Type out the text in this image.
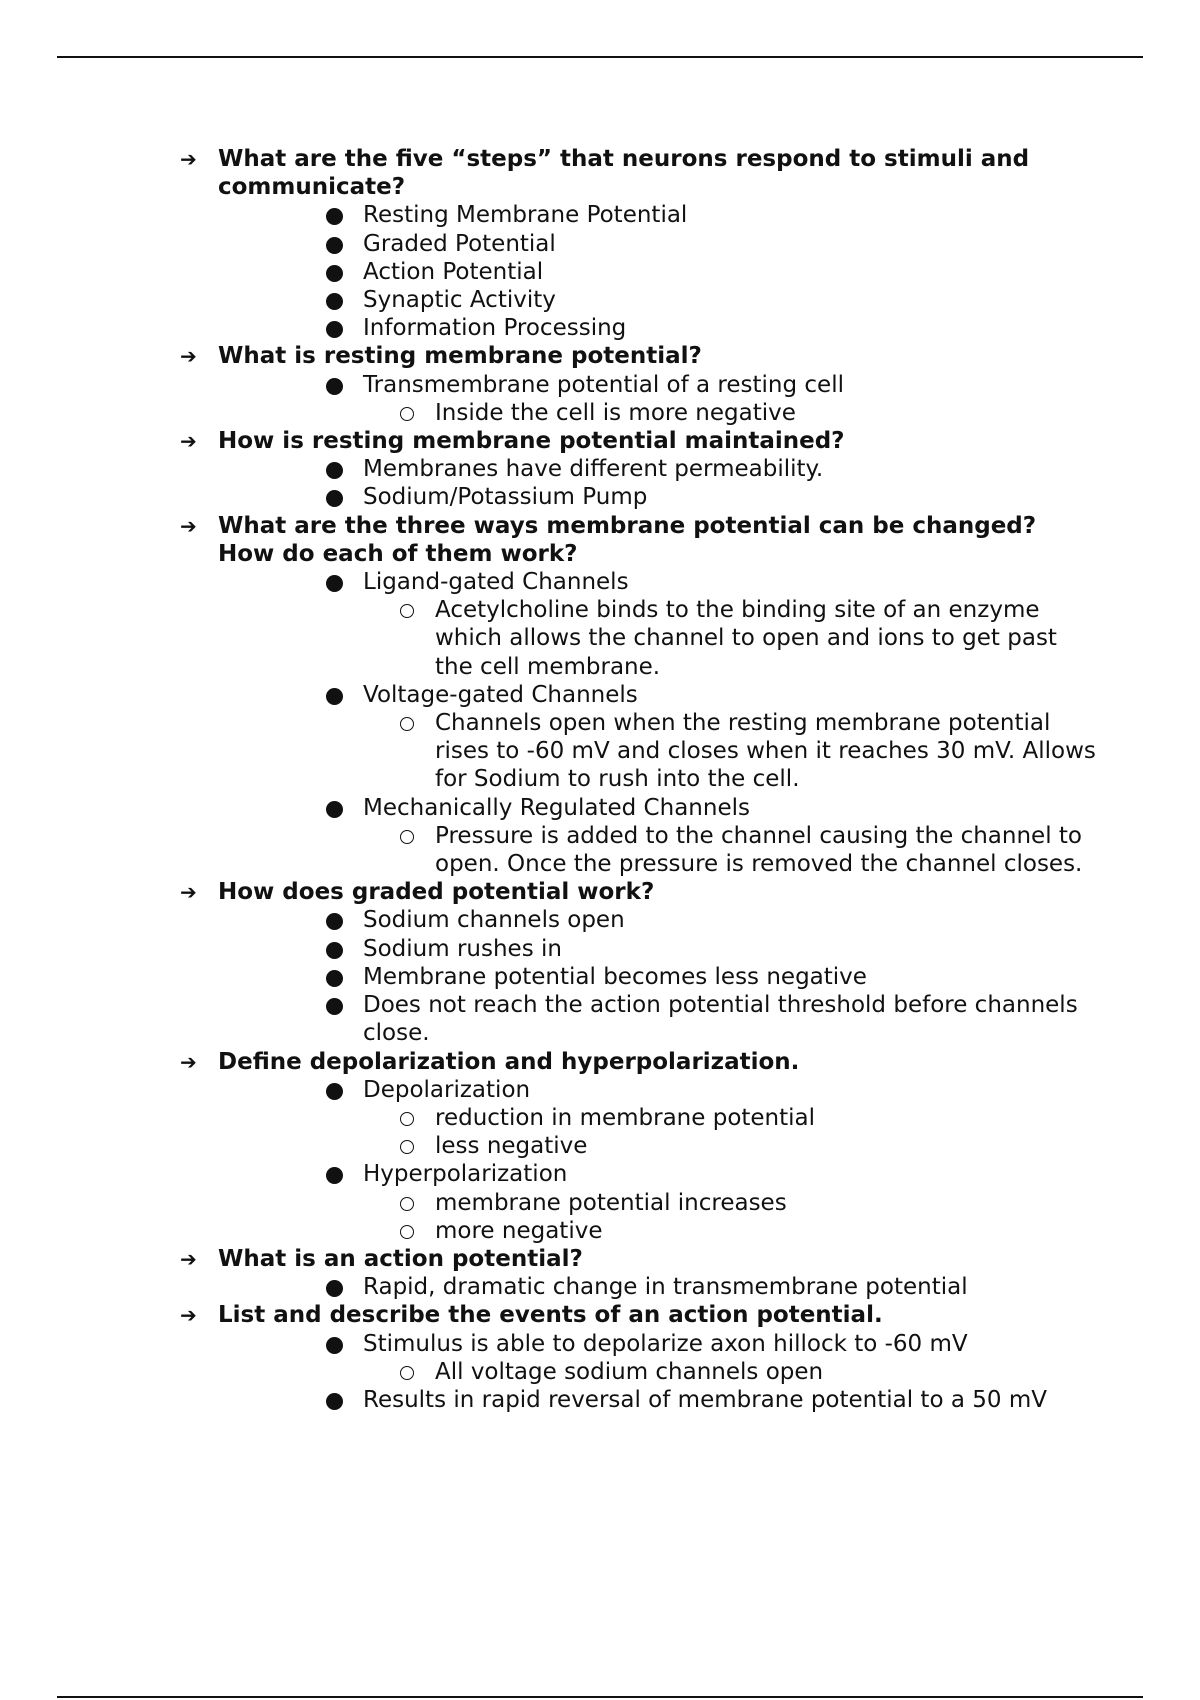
➔ What are the five “steps” that neurons respond to stimuli and communicate?
Resting Membrane Potential
Graded Potential
Action Potential
Synaptic Activity
Information Processing
➔ What is resting membrane potential?
Transmembrane potential of a resting cell
Inside the cell is more negative
➔ How is resting membrane potential maintained?
Membranes have different permeability.
Sodium/Potassium Pump
➔ What are the three ways membrane potential can be changed? How do each of them work?
Ligand-gated Channels
Acetylcholine binds to the binding site of an enzyme which allows the channel to open and ions to get past the cell membrane.
Voltage-gated Channels
Channels open when the resting membrane potential rises to -60 mV and closes when it reaches 30 mV. Allows for Sodium to rush into the cell.
Mechanically Regulated Channels
Pressure is added to the channel causing the channel to open. Once the pressure is removed the channel closes.
➔ How does graded potential work?
Sodium channels open
Sodium rushes in
Membrane potential becomes less negative
Does not reach the action potential threshold before channels close.
➔ Define depolarization and hyperpolarization.
Depolarization
reduction in membrane potential
less negative
Hyperpolarization
membrane potential increases
more negative
➔ What is an action potential?
Rapid, dramatic change in transmembrane potential
➔ List and describe the events of an action potential.
Stimulus is able to depolarize axon hillock to -60 mV
All voltage sodium channels open
Results in rapid reversal of membrane potential to a 50 mV
